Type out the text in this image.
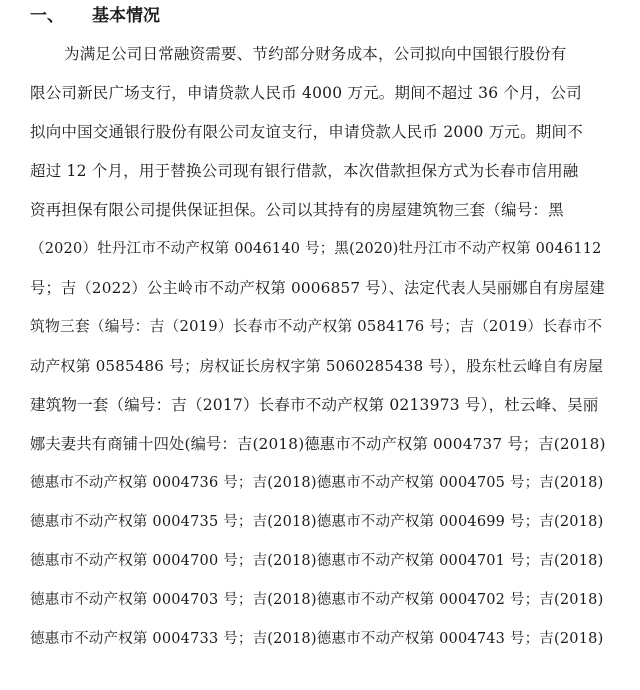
一、 基本情况
为满足公司日常融资需要、节约部分财务成本，公司拟向中国银行股份有
限公司新民广场支行，申请贷款人民币 4000 万元。期间不超过 36 个月，公司
拟向中国交通银行股份有限公司友谊支行，申请贷款人民币 2000 万元。期间不
超过 12 个月，用于替换公司现有银行借款，本次借款担保方式为长春市信用融
资再担保有限公司提供保证担保。公司以其持有的房屋建筑物三套（编号：黑
（2020）牡丹江市不动产权第 0046140 号；黑(2020)牡丹江市不动产权第 0046112
号；吉（2022）公主岭市不动产权第 0006857 号）、法定代表人吴丽娜自有房屋建
筑物三套（编号：吉（2019）长春市不动产权第 0584176 号；吉（2019）长春市不
动产权第 0585486 号；房权证长房权字第 5060285438 号），股东杜云峰自有房屋
建筑物一套（编号：吉（2017）长春市不动产权第 0213973 号），杜云峰、吴丽
娜夫妻共有商铺十四处(编号：吉(2018)德惠市不动产权第 0004737 号；吉(2018)
德惠市不动产权第 0004736 号；吉(2018)德惠市不动产权第 0004705 号；吉(2018)
德惠市不动产权第 0004735 号；吉(2018)德惠市不动产权第 0004699 号；吉(2018)
德惠市不动产权第 0004700 号；吉(2018)德惠市不动产权第 0004701 号；吉(2018)
德惠市不动产权第 0004703 号；吉(2018)德惠市不动产权第 0004702 号；吉(2018)
德惠市不动产权第 0004733 号；吉(2018)德惠市不动产权第 0004743 号；吉(2018)
